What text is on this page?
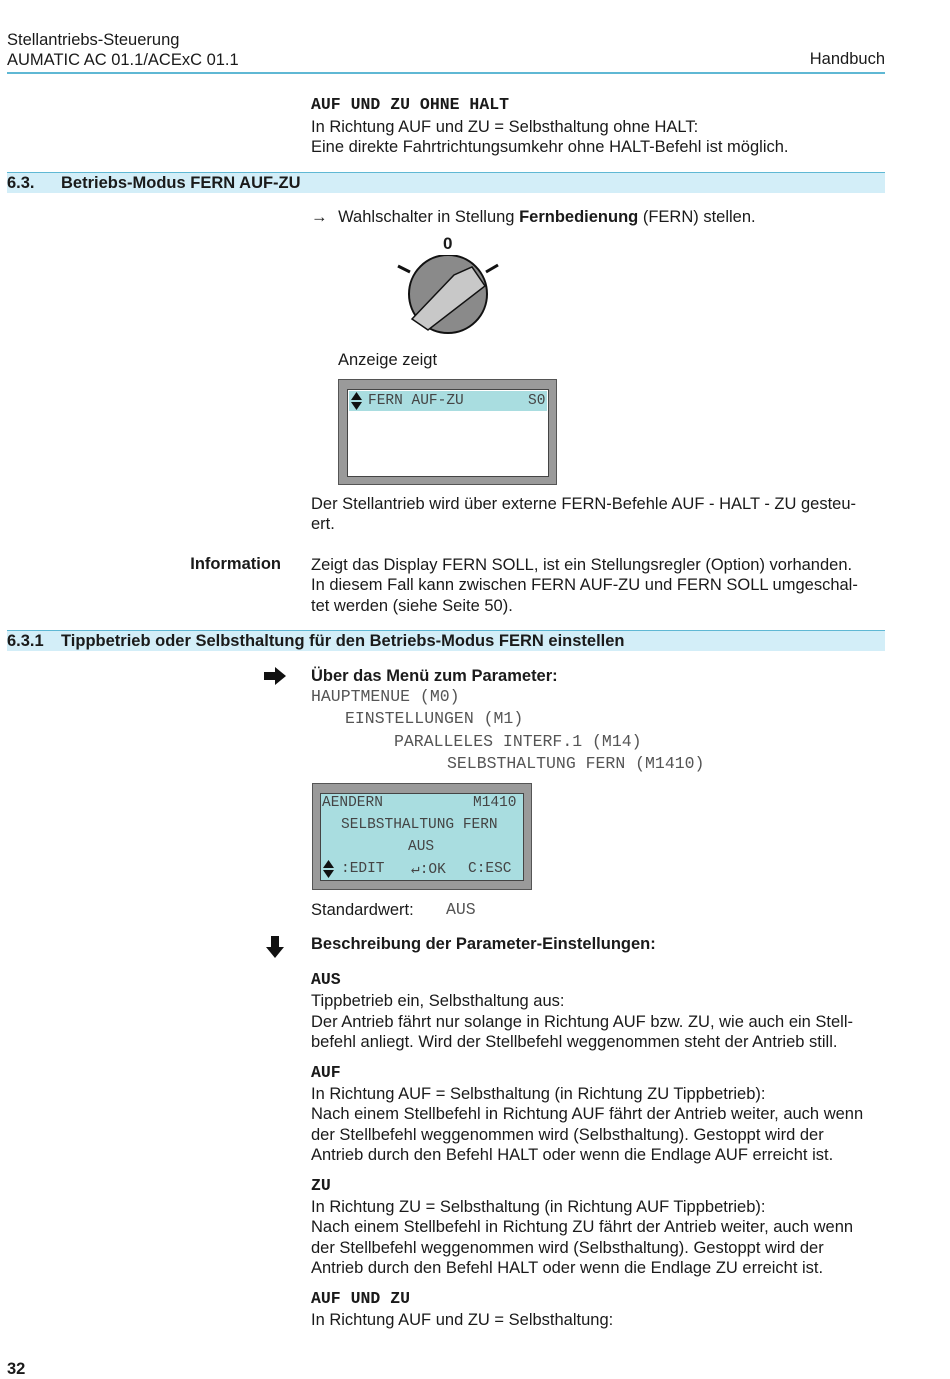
Stellantriebs-Steuerung
AUMATIC AC 01.1/ACExC 01.1	Handbuch
AUF UND ZU OHNE HALT
In Richtung AUF und ZU = Selbsthaltung ohne HALT:
Eine direkte Fahrtrichtungsumkehr ohne HALT-Befehl ist möglich.
6.3. Betriebs-Modus FERN AUF-ZU
→ Wahlschalter in Stellung Fernbedienung (FERN) stellen.
0
Anzeige zeigt
FERN AUF-ZU	S0
Der Stellantrieb wird über externe FERN-Befehle AUF - HALT - ZU gesteu-
ert.
Information Zeigt das Display FERN SOLL, ist ein Stellungsregler (Option) vorhanden.
In diesem Fall kann zwischen FERN AUF-ZU und FERN SOLL umgeschal-
tet werden (siehe Seite 50).
6.3.1 Tippbetrieb oder Selbsthaltung für den Betriebs-Modus FERN einstellen
Über das Menü zum Parameter:
HAUPTMENUE (M0)
EINSTELLUNGEN (M1)
PARALLELES INTERF.1 (M14)
SELBSTHALTUNG FERN (M1410)
AENDERN	M1410
SELBSTHALTUNG FERN
AUS
:EDIT ↵:OK C:ESC
Standardwert: AUS
Beschreibung der Parameter-Einstellungen:
AUS
Tippbetrieb ein, Selbsthaltung aus:
Der Antrieb fährt nur solange in Richtung AUF bzw. ZU, wie auch ein Stell-
befehl anliegt. Wird der Stellbefehl weggenommen steht der Antrieb still.
AUF
In Richtung AUF = Selbsthaltung (in Richtung ZU Tippbetrieb):
Nach einem Stellbefehl in Richtung AUF fährt der Antrieb weiter, auch wenn
der Stellbefehl weggenommen wird (Selbsthaltung). Gestoppt wird der
Antrieb durch den Befehl HALT oder wenn die Endlage AUF erreicht ist.
ZU
In Richtung ZU = Selbsthaltung (in Richtung AUF Tippbetrieb):
Nach einem Stellbefehl in Richtung ZU fährt der Antrieb weiter, auch wenn
der Stellbefehl weggenommen wird (Selbsthaltung). Gestoppt wird der
Antrieb durch den Befehl HALT oder wenn die Endlage ZU erreicht ist.
AUF UND ZU
In Richtung AUF und ZU = Selbsthaltung:
32
